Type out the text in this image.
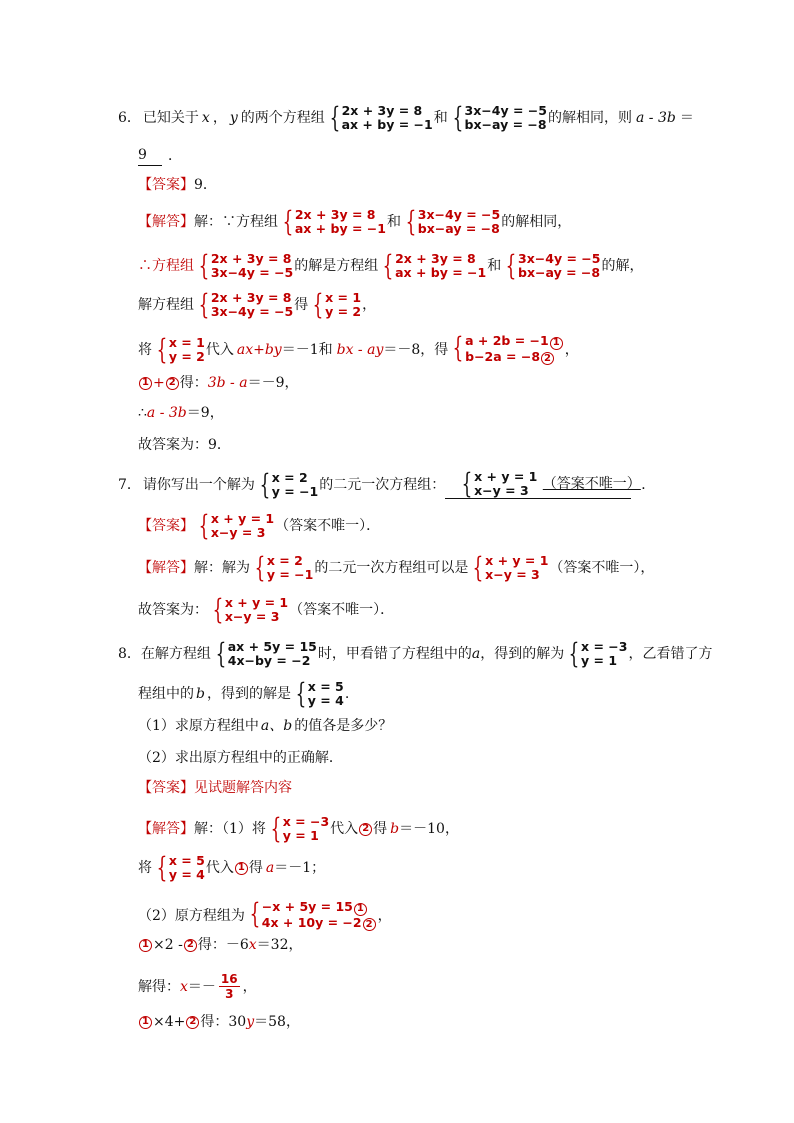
6． 已知关于 x ， y 的两个方程组 { 2x + 3y = 8
ax + by = −1 和 { 3x−4y = −5
bx−ay = −8 的解相同，则 a - 3b ＝
9	．
【答案】 9．
【解答】 解：∵方程组 { 2x + 3y = 8
ax + by = −1 和 { 3x−4y = −5
bx−ay = −8 的解相同，
∴方程组 { 2x + 3y = 8
3x−4y = −5 的解是方程组 { 2x + 3y = 8
ax + by = −1 和 { 3x−4y = −5
bx−ay = −8 的解，
解方程组 { 2x + 3y = 8
3x−4y = −5 得 { x = 1
y = 2 ，
将 { x = 1
y = 2 代入 ax+by ＝－1和 bx - ay ＝－8，得 { a + 2b = −1 1
b−2a = −8 2
，
1 + 2 得： 3b - a ＝－9，
∴ a - 3b ＝9，
故答案为：9．
7． 请你写出一个解为 { x = 2
y = −1 的二元一次方程组： { x + y = 1
x−y = 3	（答案不唯一） ．
【答案】 { x + y = 1
x−y = 3 （答案不唯一）．
【解答】 解：解为 { x = 2
y = −1 的二元一次方程组可以是 { x + y = 1
x−y = 3 （答案不唯一），
故答案为： { x + y = 1
x−y = 3 （答案不唯一）．
8． 在解方程组 { ax + 5y = 15
4x−by = −2 时，甲看错了方程组中的 a ，得到的解为 { x = −3
y = 1 ，乙看错了方
程组中的 b ，得到的解是 { x = 5
y = 4 .
（1）求原方程组中 a、b 的值各是多少？
（2）求出原方程组中的正确解．
【答案】 见试题解答内容
【解答】 解：（1）将 { x = −3
y = 1 代入 2 得 b ＝－10，
将 { x = 5
y = 4 代入 1 得 a ＝－1；
（2）原方程组为 { −x + 5y = 15 1
4x + 10y = −2 2
，
1 ×2 - 2 得：－6 x ＝32，
解得： $x =- \frac{16}{3}$ ，
1 ×4+ 2 得：30 y ＝58，
